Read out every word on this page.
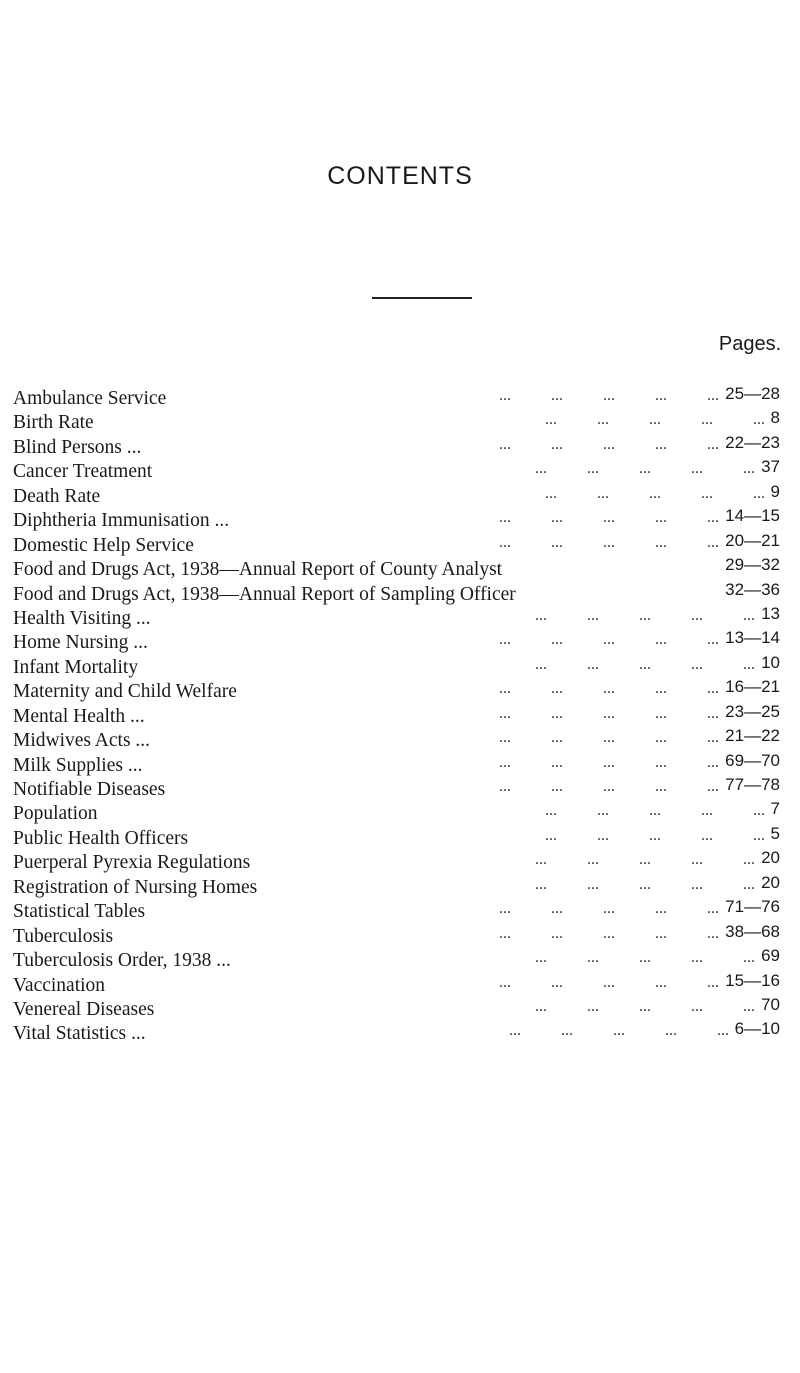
CONTENTS
Pages.
Ambulance Service	... ... ... ... ... 25—28
Birth Rate	... ... ... ... ... 8
Blind Persons ...	... ... ... ... ... 22—23
Cancer Treatment	... ... ... ... ... 37
Death Rate	... ... ... ... ... 9
Diphtheria Immunisation ...	... ... ... ... ... 14—15
Domestic Help Service	... ... ... ... ... 20—21
Food and Drugs Act, 1938—Annual Report of County Analyst	29—32
Food and Drugs Act, 1938—Annual Report of Sampling Officer	32—36
Health Visiting ...	... ... ... ... ... 13
Home Nursing ...	... ... ... ... ... 13—14
Infant Mortality	... ... ... ... ... 10
Maternity and Child Welfare	... ... ... ... ... 16—21
Mental Health ...	... ... ... ... ... 23—25
Midwives Acts ...	... ... ... ... ... 21—22
Milk Supplies ...	... ... ... ... ... 69—70
Notifiable Diseases	... ... ... ... ... 77—78
Population	... ... ... ... ... 7
Public Health Officers	... ... ... ... ... 5
Puerperal Pyrexia Regulations	... ... ... ... ... 20
Registration of Nursing Homes	... ... ... ... ... 20
Statistical Tables	... ... ... ... ... 71—76
Tuberculosis	... ... ... ... ... 38—68
Tuberculosis Order, 1938 ...	... ... ... ... ... 69
Vaccination	... ... ... ... ... 15—16
Venereal Diseases	... ... ... ... ... 70
Vital Statistics ...	... ... ... ... ... 6—10
